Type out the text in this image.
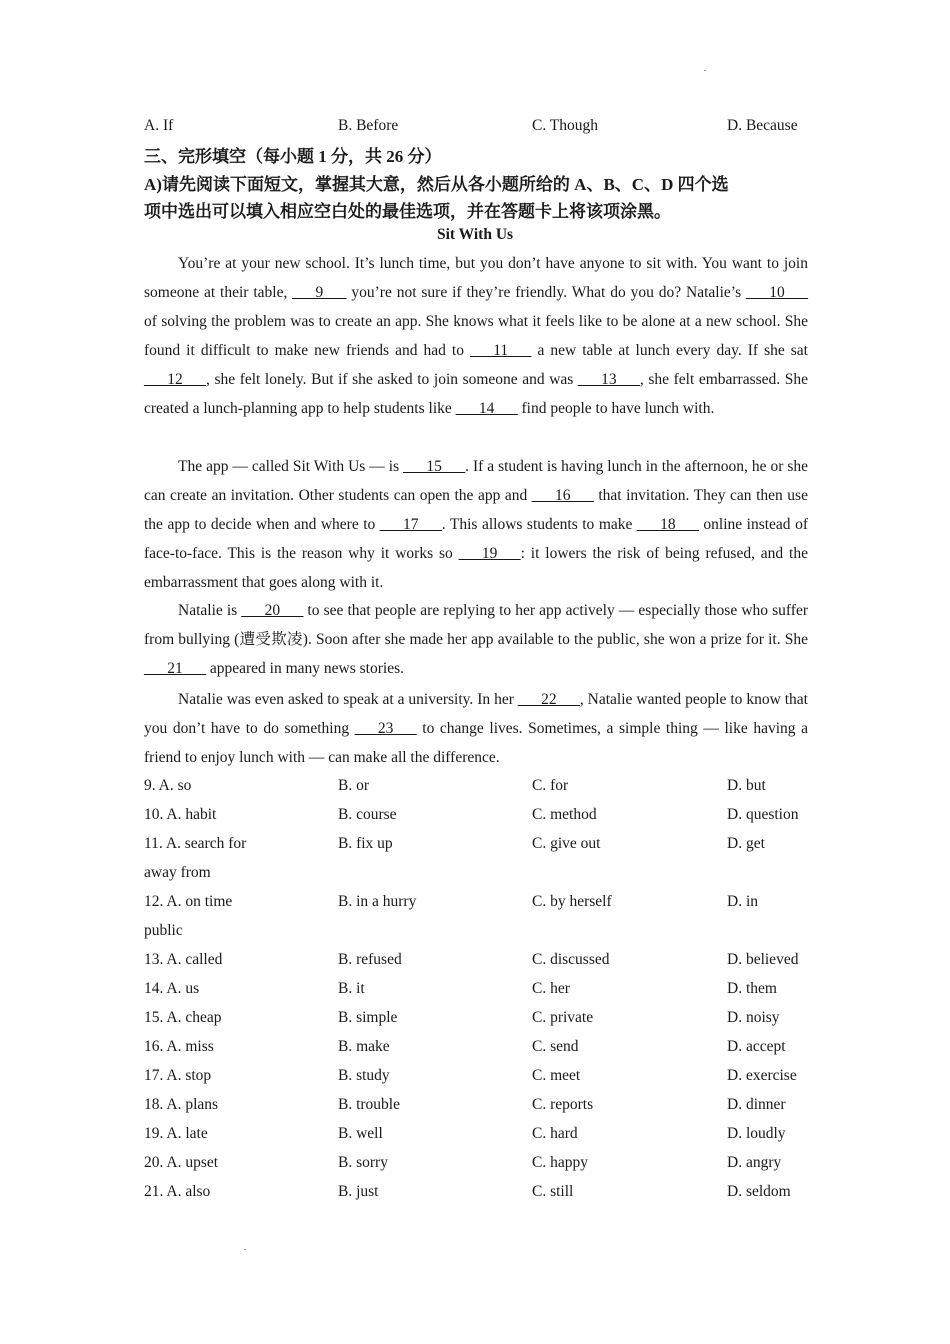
A. If	B. Before	C. Though	D. Because
三、完形填空（每小题 1 分，共 26 分）
A)请先阅读下面短文，掌握其大意，然后从各小题所给的 A、B、C、D 四个选
项中选出可以填入相应空白处的最佳选项，并在答题卡上将该项涂黑。
Sit With Us
You’re at your new school. It’s lunch time, but you don’t have anyone to sit with. You want to join someone at their table, ___9___ you’re not sure if they’re friendly. What do you do? Natalie’s ___10___ of solving the problem was to create an app. She knows what it feels like to be alone at a new school. She found it difficult to make new friends and had to ___11___ a new table at lunch every day. If she sat ___12___, she felt lonely. But if she asked to join someone and was ___13___, she felt embarrassed. She created a lunch-planning app to help students like ___14___ find people to have lunch with.
The app — called Sit With Us — is ___15___. If a student is having lunch in the afternoon, he or she can create an invitation. Other students can open the app and ___16___ that invitation. They can then use the app to decide when and where to ___17___. This allows students to make ___18___ online instead of face-to-face. This is the reason why it works so ___19___: it lowers the risk of being refused, and the embarrassment that goes along with it.
Natalie is ___20___ to see that people are replying to her app actively — especially those who suffer from bullying (遭受欺凌). Soon after she made her app available to the public, she won a prize for it. She ___21___ appeared in many news stories.
Natalie was even asked to speak at a university. In her ___22___, Natalie wanted people to know that you don’t have to do something ___23___ to change lives. Sometimes, a simple thing — like having a friend to enjoy lunch with — can make all the difference.
9. A. so	B. or	C. for	D. but
10. A. habit	B. course	C. method	D. question
11. A. search for	B. fix up	C. give out	D. get
away from
12. A. on time	B. in a hurry	C. by herself	D. in
public
13. A. called	B. refused	C. discussed	D. believed
14. A. us	B. it	C. her	D. them
15. A. cheap	B. simple	C. private	D. noisy
16. A. miss	B. make	C. send	D. accept
17. A. stop	B. study	C. meet	D. exercise
18. A. plans	B. trouble	C. reports	D. dinner
19. A. late	B. well	C. hard	D. loudly
20. A. upset	B. sorry	C. happy	D. angry
21. A. also	B. just	C. still	D. seldom
